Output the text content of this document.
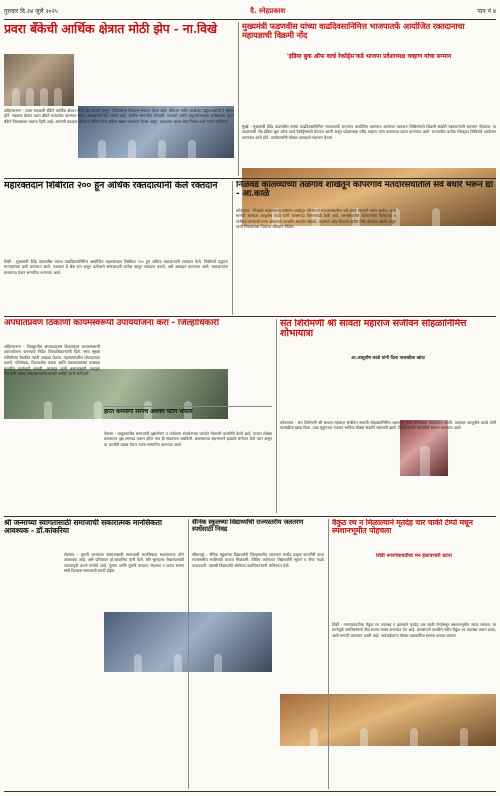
गुरुवार दि.२४ जुलै २०२५	दै. स्नेहप्रकाश	पान नं ४
प्रवरा बँकेची आर्थिक क्षेत्रात मोठी झेप - ना.विखे
अहिल्यानगर - प्रवरा सहकारी बँकेने आर्थिक क्षेत्रात मोठी झेप घेतली असून, ठेवीदारांचा विश्वास संपादन केला आहे. बँकेच्या नवीन शाखेच्या उद्घाटनप्रसंगी ते बोलत होते. सहकार क्षेत्रात प्रवरा बँकेने पारदर्शक कारभार करून सभासदांचे हित जपले आहे. ग्रामीण भागातील शेतकरी, व्यापारी आणि लघुउद्योजकांना अर्थसहाय्य देऊन बँकेने विकासाला चालना दिली आहे. आगामी काळात डिजिटल बँकिंग सेवा अधिक सक्षम करण्यात येणार असून, ग्राहकांना जलद सेवा मिळेल असे त्यांनी सांगितले.
मुख्यमंत्री फडणवीस यांच्या वाढदिवसानिमित्त भाजपातर्फे आयोजित रक्तदानाचा महायज्ञाची विक्रमी नोंद
'इंडिया बुक ऑफ वर्ल्ड रेकॉर्ड्स'कडे भाजपा प्रदेशाध्यक्ष चव्हाण यांचा सन्मान
मुंबई - मुख्यमंत्री देवेंद्र फडणवीस यांच्या वाढदिवसानिमित्त भाजपातर्फे राज्यभर आयोजित करण्यात आलेल्या रक्तदान शिबिरांमध्ये विक्रमी संख्येने रक्तदात्यांनी सहभाग नोंदवला. या उपक्रमाची नोंद इंडिया बुक ऑफ वर्ल्ड रेकॉर्ड्समध्ये घेण्यात आली असून प्रदेशाध्यक्ष रवींद्र चव्हाण यांना प्रमाणपत्र प्रदान करण्यात आले. राज्यातील प्रत्येक जिल्ह्यात शिबिरांचे आयोजन करण्यात आले होते. कार्यकर्त्यांनी मोठ्या उत्साहाने सहभाग घेतला.
महारक्तदान शिबीरात २०० हून अधिक रक्तदात्यांनी केले रक्तदान
शिर्डी - मुख्यमंत्री देवेंद्र फडणवीस यांच्या वाढदिवसानिमित्त आयोजित महारक्तदान शिबीरात २०० हून अधिक रक्तदात्यांनी रक्तदान केले. शिबीराचे उद्घाटन मान्यवरांच्या हस्ते करण्यात आले. रक्तदान हे श्रेष्ठ दान असून प्रत्येकाने समाजाप्रती कर्तव्य म्हणून रक्तदान करावे, असे आवाहन करण्यात आले. रक्तदात्यांना प्रमाणपत्र देऊन सन्मानित करण्यात आले.
निळवंडे कालव्याच्या तळेगाव शाखेतून कोपरगाव मतदारसंघातील सर्व बंधारे भरून द्या - आ.काळे
कोपरगाव - निळवंडे कालव्याच्या तळेगाव शाखेतून कोपरगाव मतदारसंघातील सर्व बंधारे पाण्याने भरून द्यावेत, अशी मागणी आमदार आशुतोष काळे यांनी जलसंपदा विभागाकडे केली आहे. लाभक्षेत्रातील शेतकऱ्यांना पिण्याच्या व शेतीच्या पाण्याची गरज असल्याने तातडीने आवर्तन सोडावे. पावसाने ओढ दिल्याने खरीप पिके धोक्यात आली असून पाणी मिळाल्यास पिकांना जीवदान मिळेल.
अपघातप्रवण ठिकाणी कायमस्वरूपी उपाययोजना करा - जिल्हाधिकारी
अहिल्यानगर - जिल्ह्यातील अपघातप्रवण ठिकाणांवर कायमस्वरूपी उपाययोजना करण्याचे निर्देश जिल्हाधिकाऱ्यांनी दिले. रस्ता सुरक्षा समितीच्या बैठकीत त्यांनी आढावा घेतला. महामार्गावरील धोकादायक वळणे, गतिरोधक, दिशादर्शक फलक आणि प्रकाशव्यवस्था याबाबत तातडीने कार्यवाही करावी. अपघात कमी करण्यासाठी वाहतूक नियमांची कडक अंमलबजावणी करावी असेही त्यांनी सांगितले.
हरित कर्मयोगी सरपंच अशक्य पटांगे भोसले
नेवासा - तालुक्यातील सरपंचांनी वृक्षारोपण व पर्यावरण संवर्धनाच्या कार्यात मोलाची कामगिरी केली आहे. गावात मोठ्या प्रमाणावर वृक्ष लागवड करून हरित गाव ही संकल्पना राबविली. ग्रामस्थांच्या सहभागाने झाडांचे संगोपन केले जात असून या कार्याची दखल घेऊन त्यांना सन्मानित करण्यात आले.
संत शिरोमणी श्री सावता महाराज संजीवन सोहळानिमित्त शोभायात्रा
आ.आशुतोष काळे यांनी दिला पालखीला खांदा
कोपरगाव - संत शिरोमणी श्री सावता महाराज संजीवन समाधी सोहळ्यानिमित्त शहरातून भव्य शोभायात्रा काढण्यात आली. आमदार आशुतोष काळे यांनी पालखीला खांदा दिला. टाळ मृदुंगाच्या गजरात भाविक मोठ्या संख्येने सहभागी झाले. ठिकठिकाणी पालखीचे स्वागत करण्यात आले.
श्री जन्माच्या स्वागतासाठी समाजाची सकारात्मक मानसिकता आवश्यक - डॉ.कांकरिया
शेवगाव - मुलगी जन्माच्या स्वागतासाठी समाजाची मानसिकता सकारात्मक होणे आवश्यक आहे, असे प्रतिपादन डॉ.कांकरिया यांनी केले. स्त्री भ्रूणहत्या रोखण्यासाठी जनजागृती करणे गरजेचे आहे. मुलगा आणि मुलगी यांच्यात भेदभाव न करता समान संधी दिल्यास समाजाची प्रगती होईल.
सैनिक स्कूलच्या विद्यार्थ्यांची राज्यस्तरीय जलतरण स्पर्धेसाठी निवड
श्रीरामपूर - सैनिक स्कूलच्या विद्यार्थ्यांनी जिल्हास्तरीय जलतरण स्पर्धेत उत्कृष्ट कामगिरी करत राज्यस्तरीय स्पर्धेसाठी पात्रता मिळवली. विविध वयोगटात विद्यार्थ्यांनी सुवर्ण व रौप्य पदके पटकावली. यशस्वी विद्यार्थ्यांचे संस्थेच्या पदाधिकाऱ्यांनी अभिनंदन केले.
वैकुंठ रथ न मिळाल्याने मृतदेह चार चाकी टेम्पो मधून स्मशानभूमीत पोहचला
शिर्डी नगरपंचायतीचा मन हेलावणारी घटना
शिर्डी - नगरपंचायतीचा वैकुंठ रथ उपलब्ध न झाल्याने मृतदेह चार चाकी टेम्पोमधून स्मशानभूमीत न्यावा लागला. या घटनेमुळे नागरिकांमध्ये तीव्र संताप व्यक्त करण्यात येत आहे. प्रशासनाने तातडीने नवीन वैकुंठ रथ उपलब्ध करून द्यावा, अशी मागणी करण्यात आली आहे. नातेवाईकांना मोठ्या अडचणींचा सामना करावा लागला.
